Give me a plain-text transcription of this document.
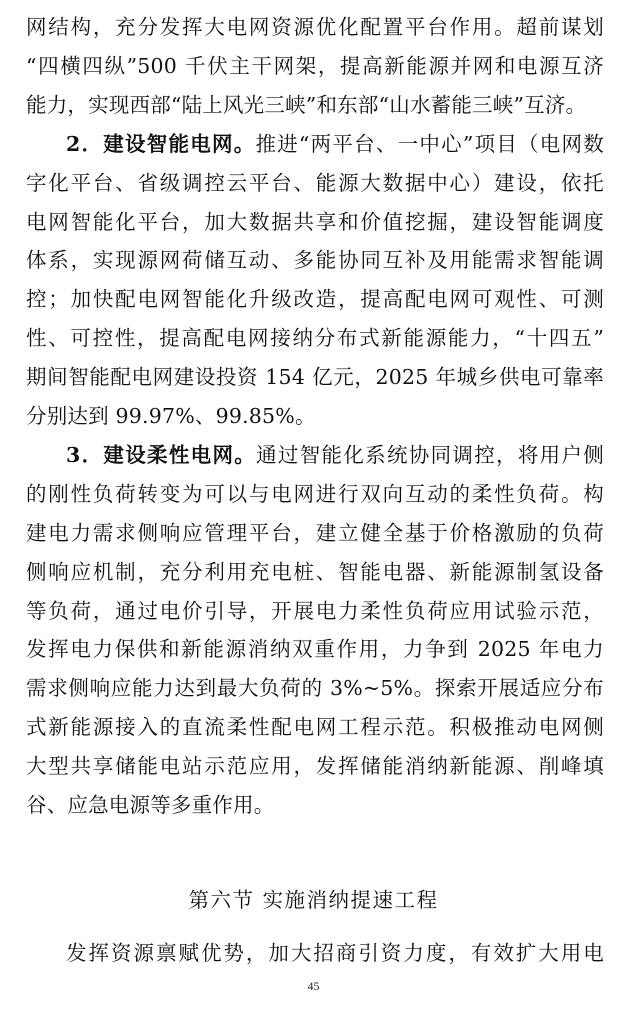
网结构，充分发挥大电网资源优化配置平台作用。超前谋划
“四横四纵”500 千伏主干网架，提高新能源并网和电源互济
能力，实现西部“陆上风光三峡”和东部“山水蓄能三峡”互济。
2．建设智能电网。推进“两平台、一中心”项目（电网数
字化平台、省级调控云平台、能源大数据中心）建设，依托
电网智能化平台，加大数据共享和价值挖掘，建设智能调度
体系，实现源网荷储互动、多能协同互补及用能需求智能调
控；加快配电网智能化升级改造，提高配电网可观性、可测
性、可控性，提高配电网接纳分布式新能源能力，“十四五”
期间智能配电网建设投资 154 亿元，2025 年城乡供电可靠率
分别达到 99.97%、99.85%。
3．建设柔性电网。通过智能化系统协同调控，将用户侧
的刚性负荷转变为可以与电网进行双向互动的柔性负荷。构
建电力需求侧响应管理平台，建立健全基于价格激励的负荷
侧响应机制，充分利用充电桩、智能电器、新能源制氢设备
等负荷，通过电价引导，开展电力柔性负荷应用试验示范，
发挥电力保供和新能源消纳双重作用，力争到 2025 年电力
需求侧响应能力达到最大负荷的 3%~5%。探索开展适应分布
式新能源接入的直流柔性配电网工程示范。积极推动电网侧
大型共享储能电站示范应用，发挥储能消纳新能源、削峰填
谷、应急电源等多重作用。
第六节 实施消纳提速工程
发挥资源禀赋优势，加大招商引资力度，有效扩大用电
45
